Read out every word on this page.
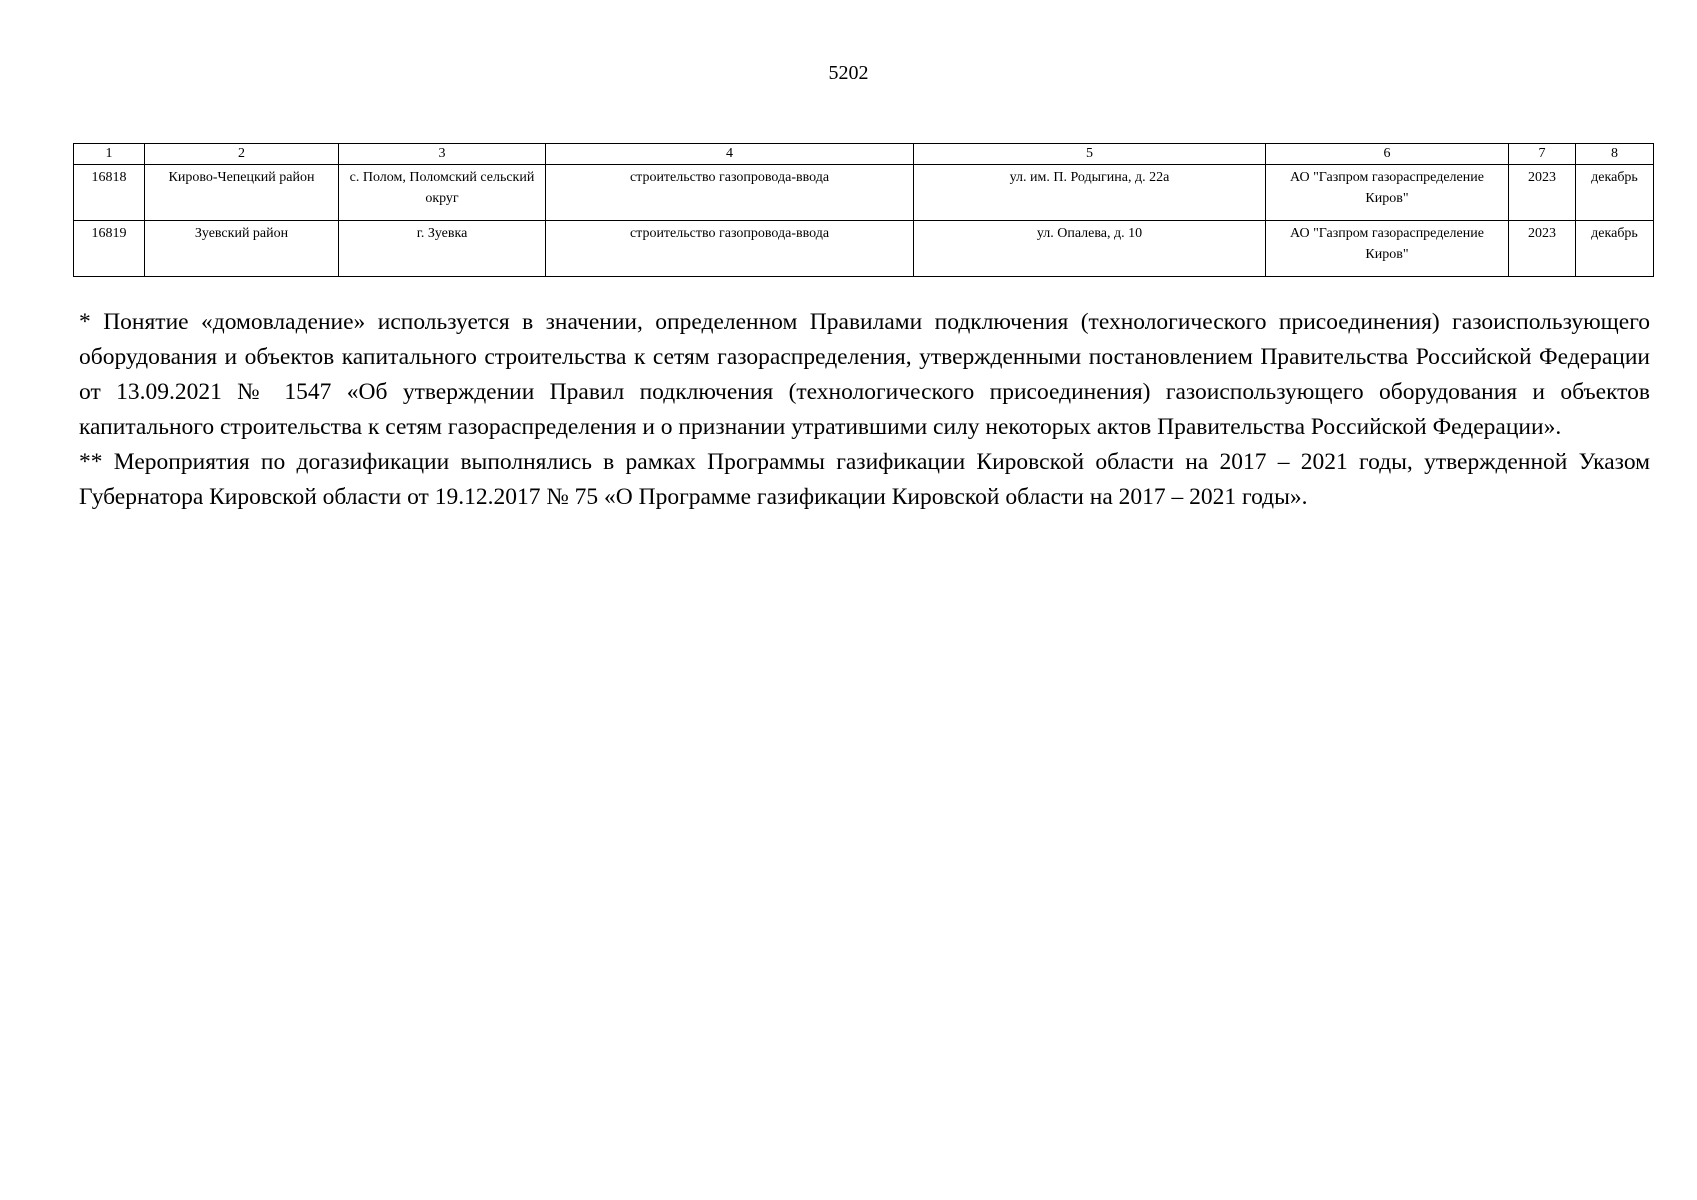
5202
1	2	3	4	5	6	7	8
16818	Кирово-Чепецкий район	с. Полом, Поломский сельский округ	строительство газопровода-ввода	ул. им. П. Родыгина, д. 22а	АО "Газпром газораспределение Киров"	2023	декабрь
16819	Зуевский район	г. Зуевка	строительство газопровода-ввода	ул. Опалева, д. 10	АО "Газпром газораспределение Киров"	2023	декабрь

* Понятие «домовладение» используется в значении, определенном Правилами подключения (технологического присоединения) газоиспользующего оборудования и объектов капитального строительства к сетям газораспределения, утвержденными постановлением Правительства Российской Федерации от 13.09.2021 № 1547 «Об утверждении Правил подключения (технологического присоединения) газоиспользующего оборудования и объектов капитального строительства к сетям газораспределения и о признании утратившими силу некоторых актов Правительства Российской Федерации».

** Мероприятия по догазификации выполнялись в рамках Программы газификации Кировской области на 2017 – 2021 годы, утвержденной Указом Губернатора Кировской области от 19.12.2017 № 75 «О Программе газификации Кировской области на 2017 – 2021 годы».
